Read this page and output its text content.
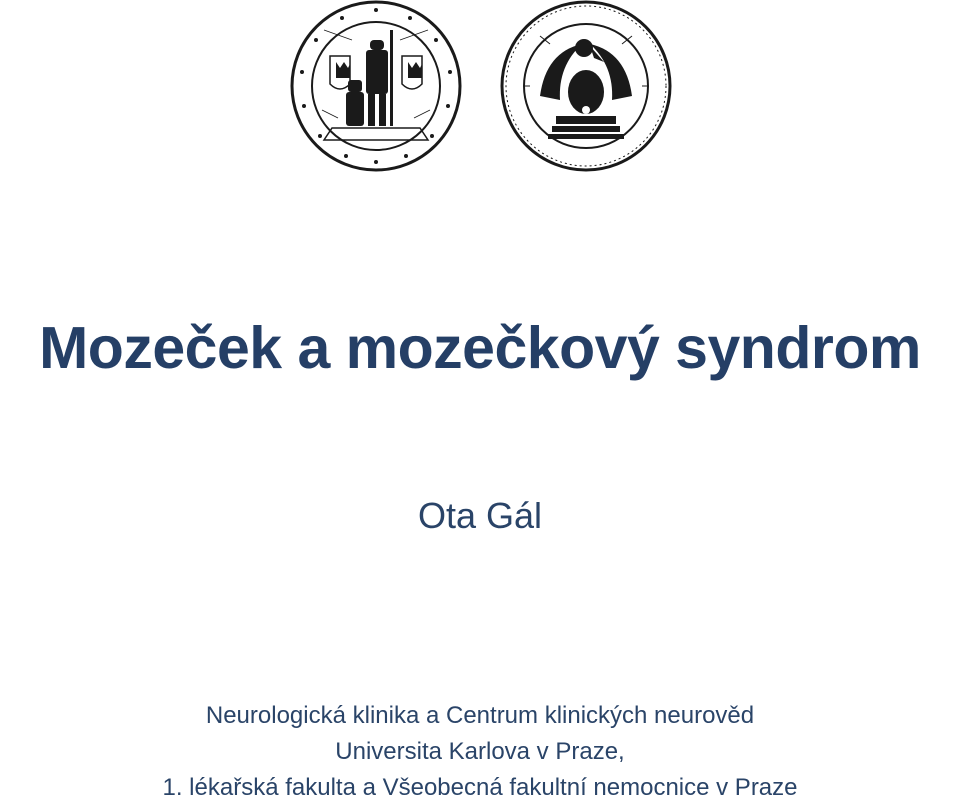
Mozeček a mozečkový syndrom
Ota Gál
Neurologická klinika a Centrum klinických neurověd
Universita Karlova v Praze,
1. lékařská fakulta a Všeobecná fakultní nemocnice v Praze
